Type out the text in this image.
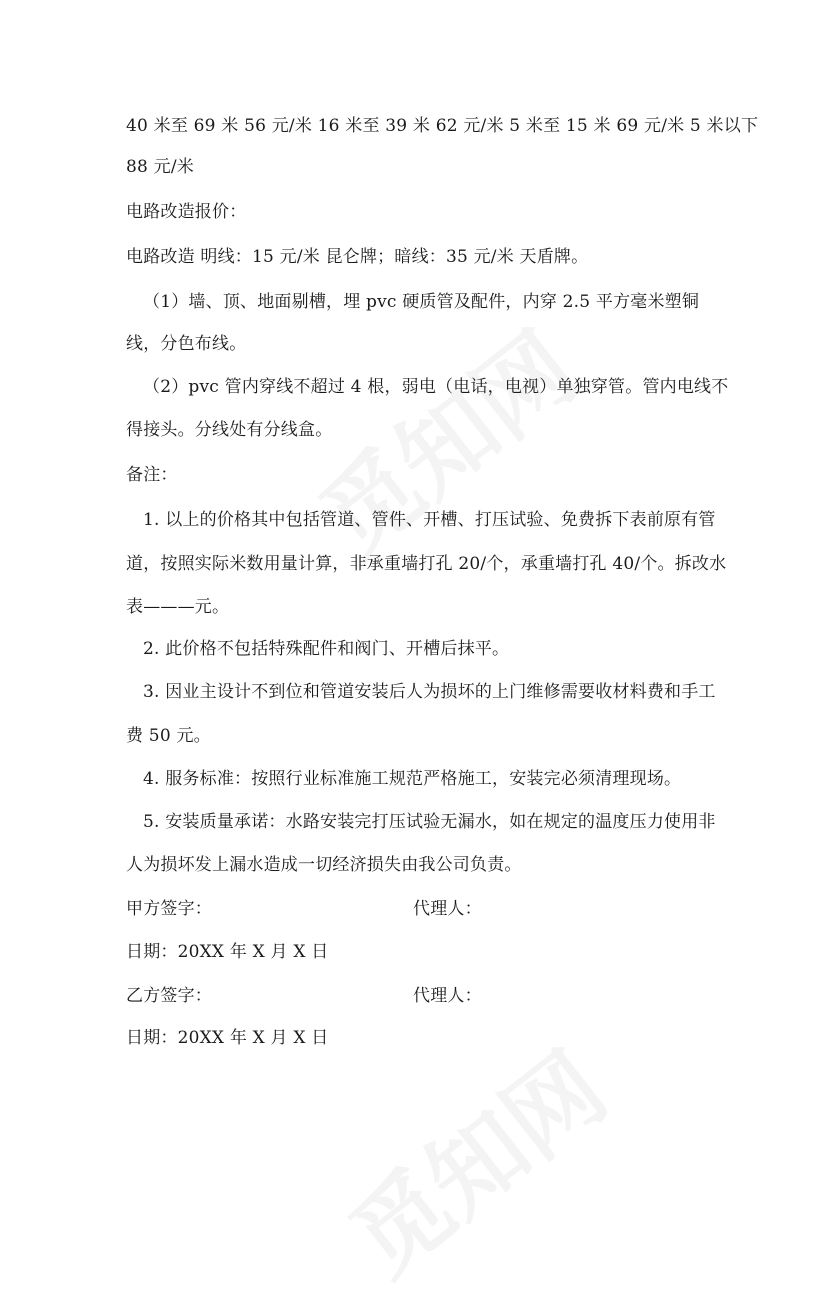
40 米至 69 米 56 元/米 16 米至 39 米 62 元/米 5 米至 15 米 69 元/米 5 米以下
88 元/米
电路改造报价：
电路改造 明线：15 元/米 昆仑牌；暗线：35 元/米 天盾牌。
（1）墙、顶、地面剔槽，埋 pvc 硬质管及配件，内穿 2.5 平方毫米塑铜
线，分色布线。
（2）pvc 管内穿线不超过 4 根，弱电（电话，电视）单独穿管。管内电线不
得接头。分线处有分线盒。
备注：
1. 以上的价格其中包括管道、管件、开槽、打压试验、免费拆下表前原有管
道，按照实际米数用量计算，非承重墙打孔 20/个，承重墙打孔 40/个。拆改水
表———元。
2. 此价格不包括特殊配件和阀门、开槽后抹平。
3. 因业主设计不到位和管道安装后人为损坏的上门维修需要收材料费和手工
费 50 元。
4. 服务标准：按照行业标准施工规范严格施工，安装完必须清理现场。
5. 安装质量承诺：水路安装完打压试验无漏水，如在规定的温度压力使用非
人为损坏发上漏水造成一切经济损失由我公司负责。
甲方签字：	代理人：
日期：20XX 年 X 月 X 日
乙方签字：	代理人：
日期：20XX 年 X 月 X 日
